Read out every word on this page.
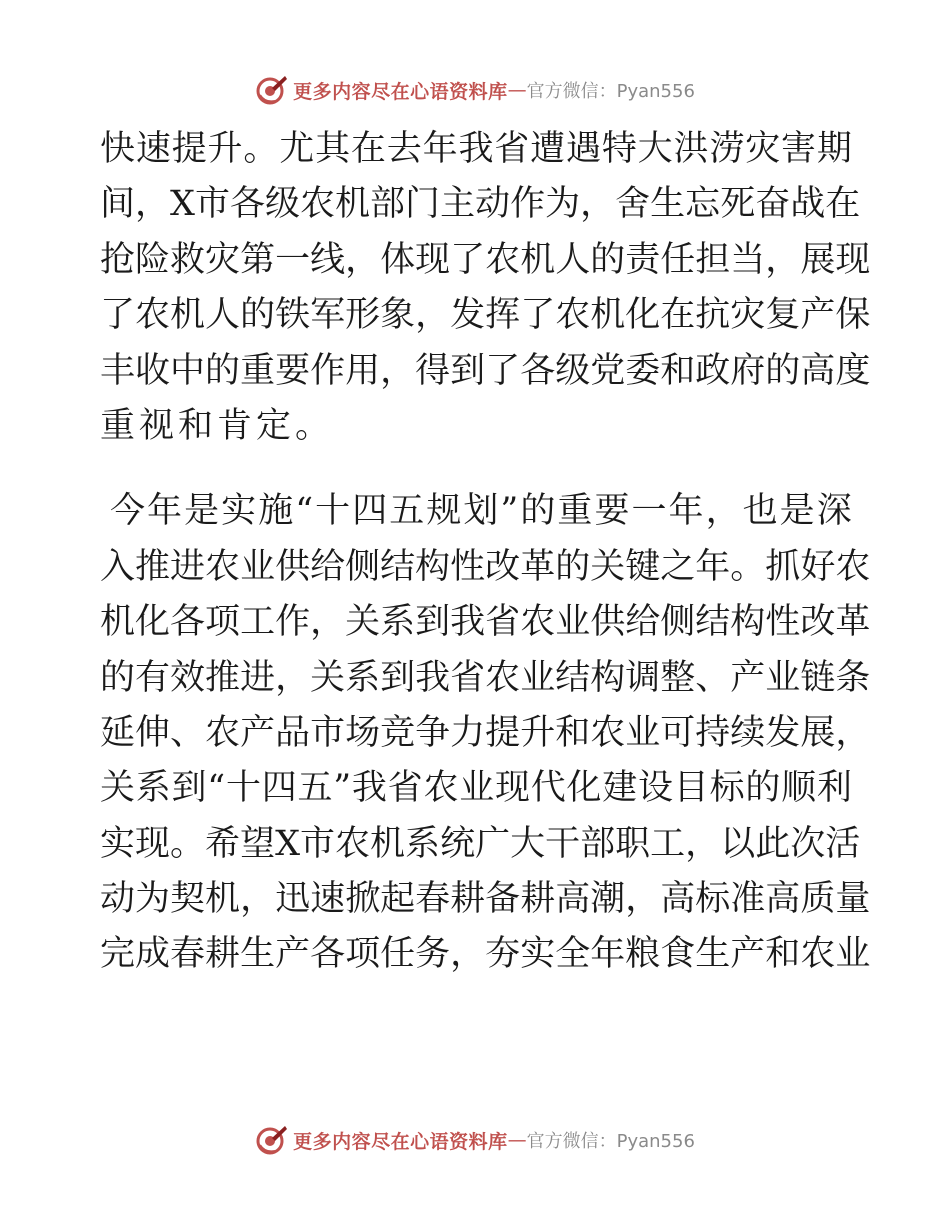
更多内容尽在心语资料库 — 官方微信：Pyan556
快 速 提 升 。 尤 其 在 去 年 我 省 遭 遇 特 大 洪 涝 灾 害 期
间 ， X 市 各 级 农 机 部 门 主 动 作 为 ， 舍 生 忘 死 奋 战 在
抢 险 救 灾 第 一 线 ， 体 现 了 农 机 人 的 责 任 担 当 ， 展 现
了 农 机 人 的 铁 军 形 象 ， 发 挥 了 农 机 化 在 抗 灾 复 产 保
丰 收 中 的 重 要 作 用 ， 得 到 了 各 级 党 委 和 政 府 的 高 度
重视和肯定。
今 年 是 实 施 “ 十 四 五 规 划 ” 的 重 要 一 年 ， 也 是 深
入 推 进 农 业 供 给 侧 结 构 性 改 革 的 关 键 之 年 。 抓 好 农
机 化 各 项 工 作 ， 关 系 到 我 省 农 业 供 给 侧 结 构 性 改 革
的 有 效 推 进 ， 关 系 到 我 省 农 业 结 构 调 整 、 产 业 链 条
延 伸 、 农 产 品 市 场 竞 争 力 提 升 和 农 业 可 持 续 发 展 ，
关 系 到 “ 十 四 五 ” 我 省 农 业 现 代 化 建 设 目 标 的 顺 利
实 现 。 希 望 X 市 农 机 系 统 广 大 干 部 职 工 ， 以 此 次 活
动 为 契 机 ， 迅 速 掀 起 春 耕 备 耕 高 潮 ， 高 标 准 高 质 量
完 成 春 耕 生 产 各 项 任 务 ， 夯 实 全 年 粮 食 生 产 和 农 业
更多内容尽在心语资料库 — 官方微信：Pyan556
